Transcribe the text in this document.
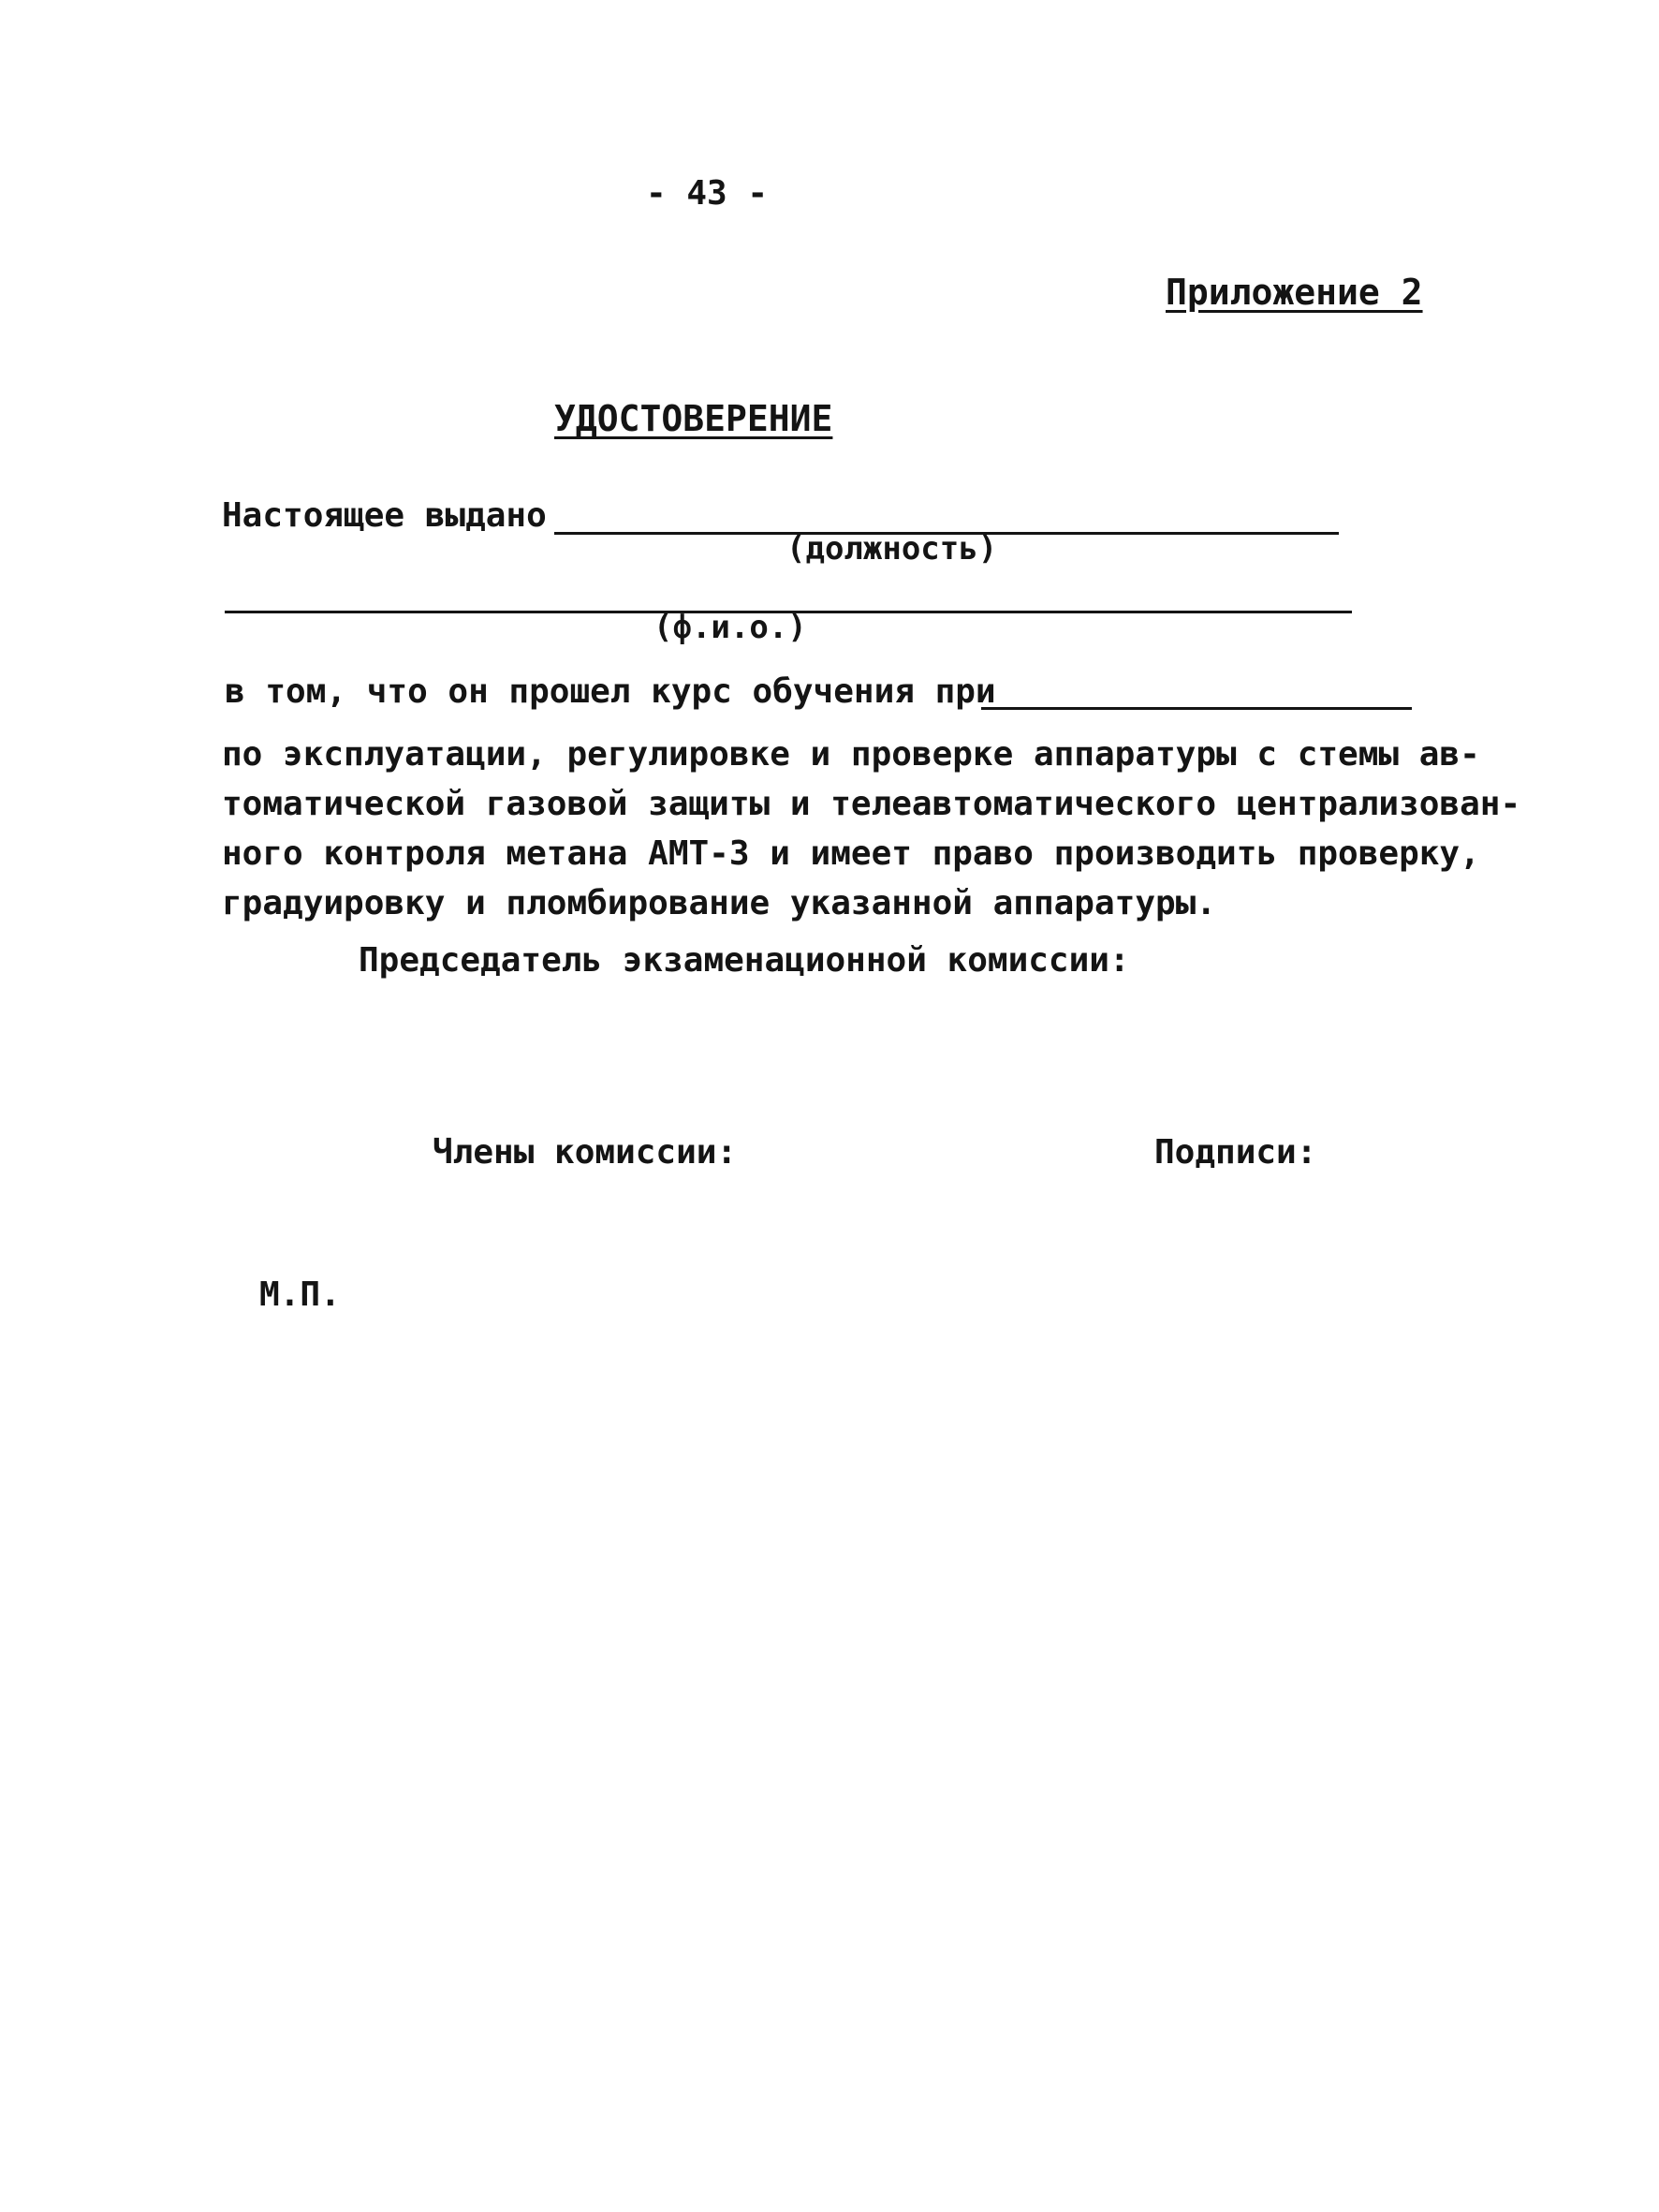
- 43 -
Приложение 2
УДОСТОВЕРЕНИЕ
Настоящее выдано
(должность)
(ф.и.о.)
в том, что он прошел курс обучения при
по эксплуатации, регулировке и проверке аппаратуры с стемы ав-
томатической газовой защиты и телеавтоматического централизован-
ного контроля метана АМТ-3 и имеет право производить проверку,
градуировку и пломбирование указанной аппаратуры.
Председатель экзаменационной комиссии:
Члены комиссии:	Подписи:
М.П.
